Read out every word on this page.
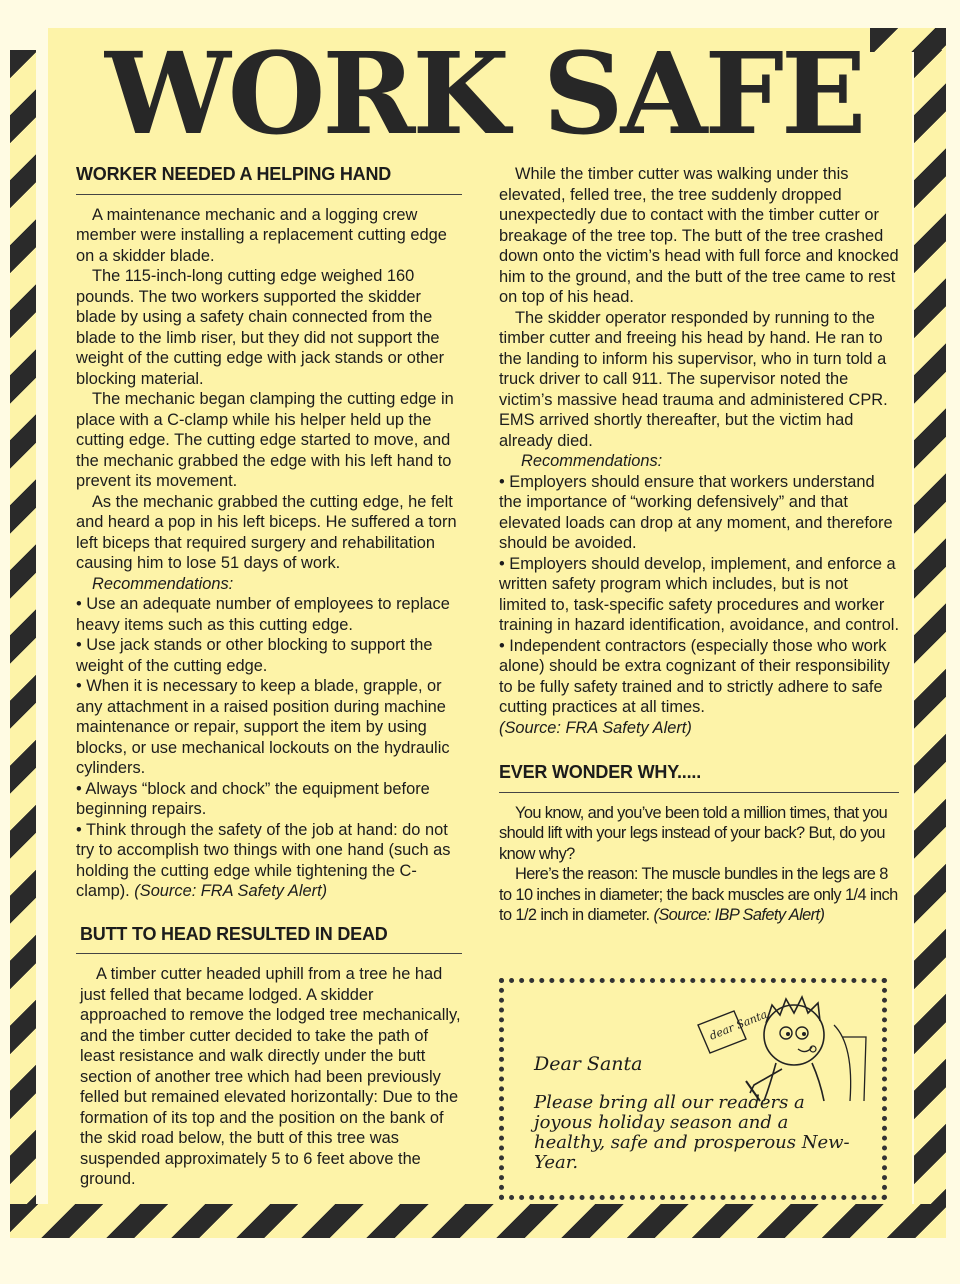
WORK SAFE
WORKER NEEDED A HELPING HAND

A maintenance mechanic and a logging crew member were installing a replacement cutting edge on a skidder blade.

The 115-inch-long cutting edge weighed 160 pounds. The two workers supported the skidder blade by using a safety chain connected from the blade to the limb riser, but they did not support the weight of the cutting edge with jack stands or other blocking material.

The mechanic began clamping the cutting edge in place with a C-clamp while his helper held up the cutting edge. The cutting edge started to move, and the mechanic grabbed the edge with his left hand to prevent its movement.

As the mechanic grabbed the cutting edge, he felt and heard a pop in his left biceps. He suffered a torn left biceps that required surgery and rehabilitation causing him to lose 51 days of work.

Recommendations:

• Use an adequate number of employees to replace heavy items such as this cutting edge.

• Use jack stands or other blocking to support the weight of the cutting edge.

• When it is necessary to keep a blade, grapple, or any attachment in a raised position during machine maintenance or repair, support the item by using blocks, or use mechanical lockouts on the hydraulic cylinders.

• Always “block and chock” the equipment before beginning repairs.

• Think through the safety of the job at hand: do not try to accomplish two things with one hand (such as holding the cutting edge while tightening the C-clamp). (Source: FRA Safety Alert)

BUTT TO HEAD RESULTED IN DEAD

A timber cutter headed uphill from a tree he had just felled that became lodged. A skidder approached to remove the lodged tree mechanically, and the timber cutter decided to take the path of least resistance and walk directly under the butt section of another tree which had been previously felled but remained elevated horizontally: Due to the formation of its top and the position on the bank of the skid road below, the butt of this tree was suspended approximately 5 to 6 feet above the ground.

While the timber cutter was walking under this elevated, felled tree, the tree suddenly dropped unexpectedly due to contact with the timber cutter or breakage of the tree top. The butt of the tree crashed down onto the victim’s head with full force and knocked him to the ground, and the butt of the tree came to rest on top of his head.

The skidder operator responded by running to the timber cutter and freeing his head by hand. He ran to the landing to inform his supervisor, who in turn told a truck driver to call 911. The supervisor noted the victim’s massive head trauma and administered CPR. EMS arrived shortly thereafter, but the victim had already died.

Recommendations:

• Employers should ensure that workers understand the importance of “working defensively” and that elevated loads can drop at any moment, and therefore should be avoided.

• Employers should develop, implement, and enforce a written safety program which includes, but is not limited to, task-specific safety procedures and worker training in hazard identification, avoidance, and control.

• Independent contractors (especially those who work alone) should be extra cognizant of their responsibility to be fully safety trained and to strictly adhere to safe cutting practices at all times.

(Source: FRA Safety Alert)

EVER WONDER WHY.....

You know, and you’ve been told a million times, that you should lift with your legs instead of your back? But, do you know why?

Here’s the reason: The muscle bundles in the legs are 8 to 10 inches in diameter; the back muscles are only 1/4 inch to 1/2 inch in diameter. (Source: IBP Safety Alert)

dear Santa
Dear Santa
Please bring all our readers a joyous holiday season and a healthy, safe and prosperous New-Year.
